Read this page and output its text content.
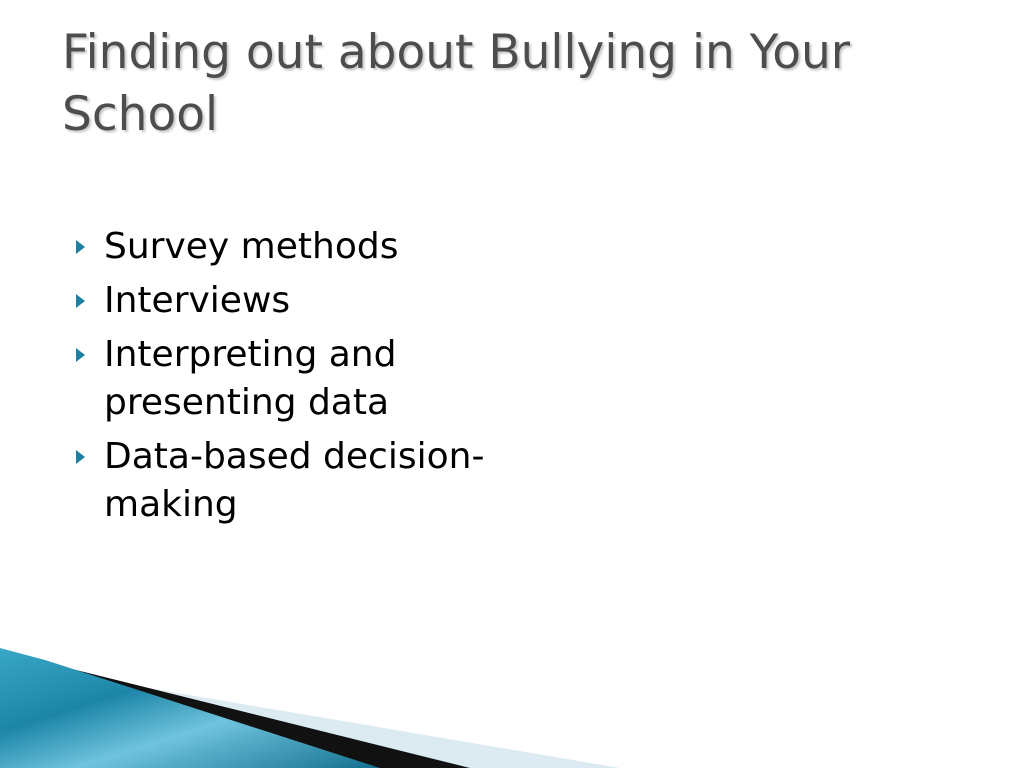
Finding out about Bullying in Your School
Survey methods
Interviews
Interpreting and presenting data
Data-based decision-making
